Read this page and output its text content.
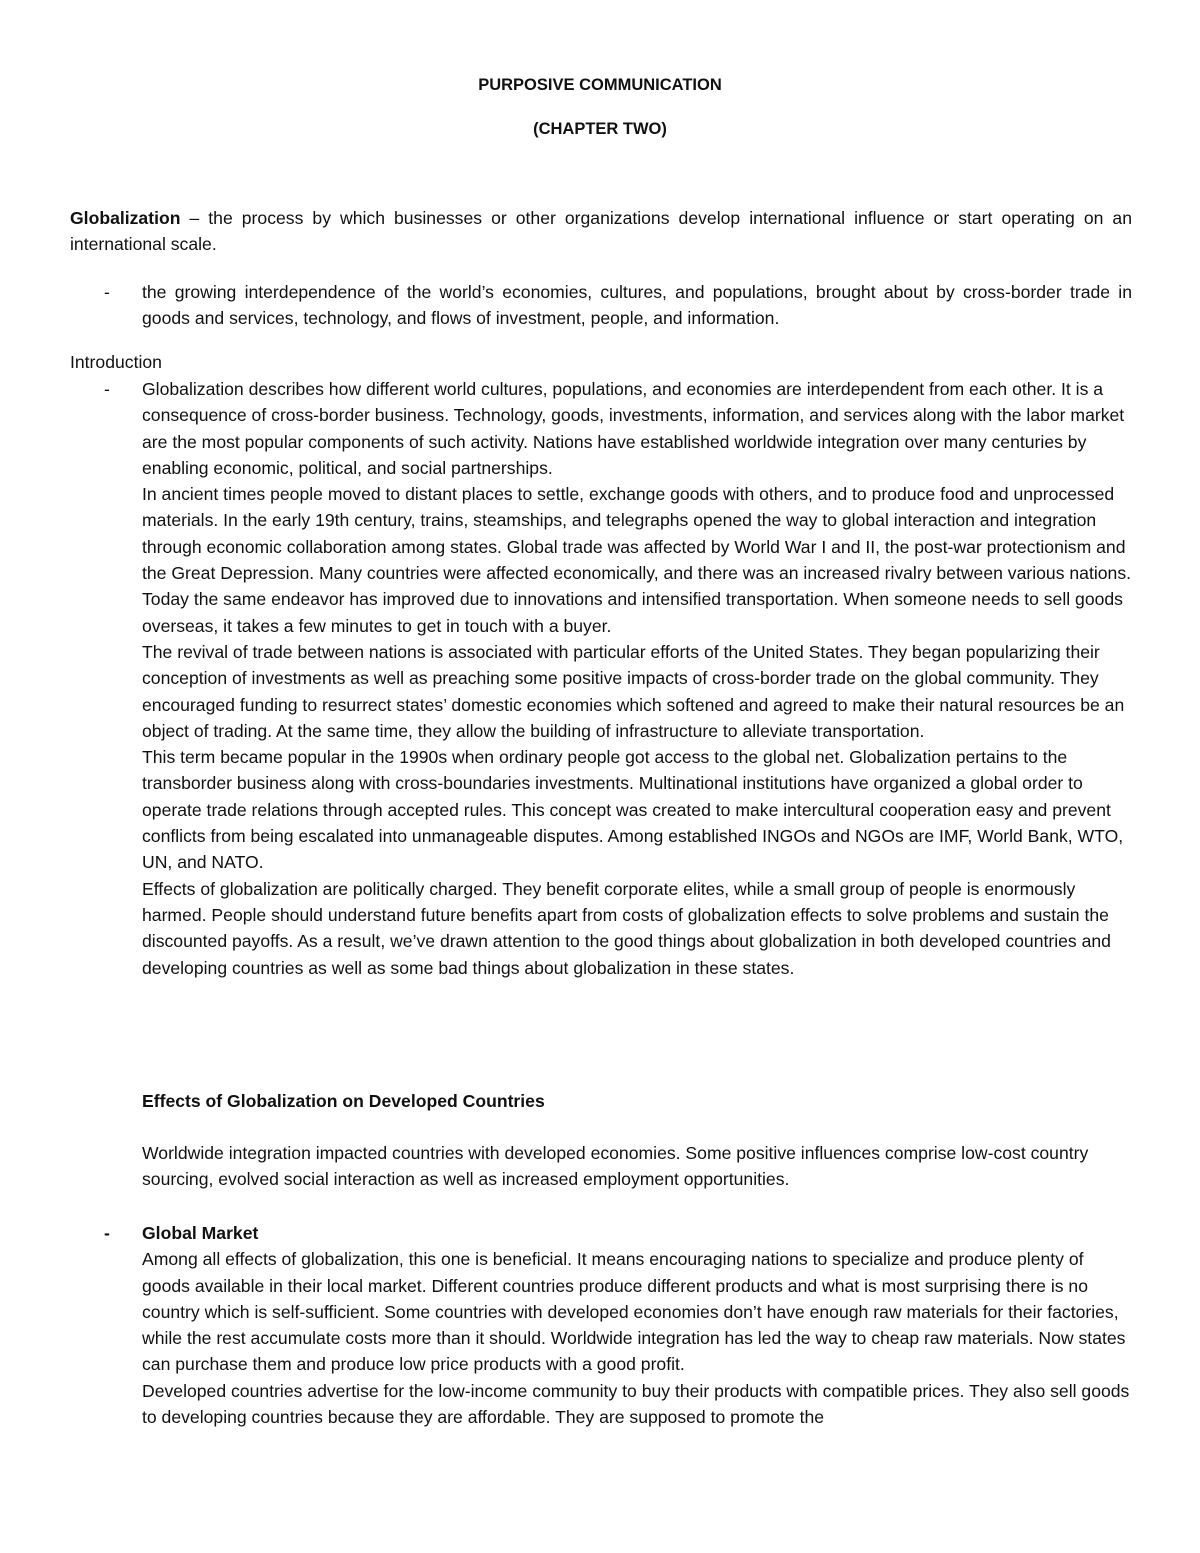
PURPOSIVE COMMUNICATION
(CHAPTER TWO)
Globalization – the process by which businesses or other organizations develop international influence or start operating on an international scale.
-	the growing interdependence of the world’s economies, cultures, and populations, brought about by cross-border trade in goods and services, technology, and flows of investment, people, and information.
Introduction
-	Globalization describes how different world cultures, populations, and economies are interdependent from each other. It is a consequence of cross-border business. Technology, goods, investments, information, and services along with the labor market are the most popular components of such activity. Nations have established worldwide integration over many centuries by enabling economic, political, and social partnerships.

In ancient times people moved to distant places to settle, exchange goods with others, and to produce food and unprocessed materials. In the early 19th century, trains, steamships, and telegraphs opened the way to global interaction and integration through economic collaboration among states. Global trade was affected by World War I and II, the post-war protectionism and the Great Depression. Many countries were affected economically, and there was an increased rivalry between various nations. Today the same endeavor has improved due to innovations and intensified transportation. When someone needs to sell goods overseas, it takes a few minutes to get in touch with a buyer.

The revival of trade between nations is associated with particular efforts of the United States. They began popularizing their conception of investments as well as preaching some positive impacts of cross-border trade on the global community. They encouraged funding to resurrect states’ domestic economies which softened and agreed to make their natural resources be an object of trading. At the same time, they allow the building of infrastructure to alleviate transportation.

This term became popular in the 1990s when ordinary people got access to the global net. Globalization pertains to the transborder business along with cross-boundaries investments. Multinational institutions have organized a global order to operate trade relations through accepted rules. This concept was created to make intercultural cooperation easy and prevent conflicts from being escalated into unmanageable disputes. Among established INGOs and NGOs are IMF, World Bank, WTO, UN, and NATO.

Effects of globalization are politically charged. They benefit corporate elites, while a small group of people is enormously harmed. People should understand future benefits apart from costs of globalization effects to solve problems and sustain the discounted payoffs. As a result, we’ve drawn attention to the good things about globalization in both developed countries and developing countries as well as some bad things about globalization in these states.

Effects of Globalization on Developed Countries
Worldwide integration impacted countries with developed economies. Some positive influences comprise low-cost country sourcing, evolved social interaction as well as increased employment opportunities.
-	Global Market

Among all effects of globalization, this one is beneficial. It means encouraging nations to specialize and produce plenty of goods available in their local market. Different countries produce different products and what is most surprising there is no country which is self-sufficient. Some countries with developed economies don’t have enough raw materials for their factories, while the rest accumulate costs more than it should. Worldwide integration has led the way to cheap raw materials. Now states can purchase them and produce low price products with a good profit.

Developed countries advertise for the low-income community to buy their products with compatible prices. They also sell goods to developing countries because they are affordable. They are supposed to promote the
